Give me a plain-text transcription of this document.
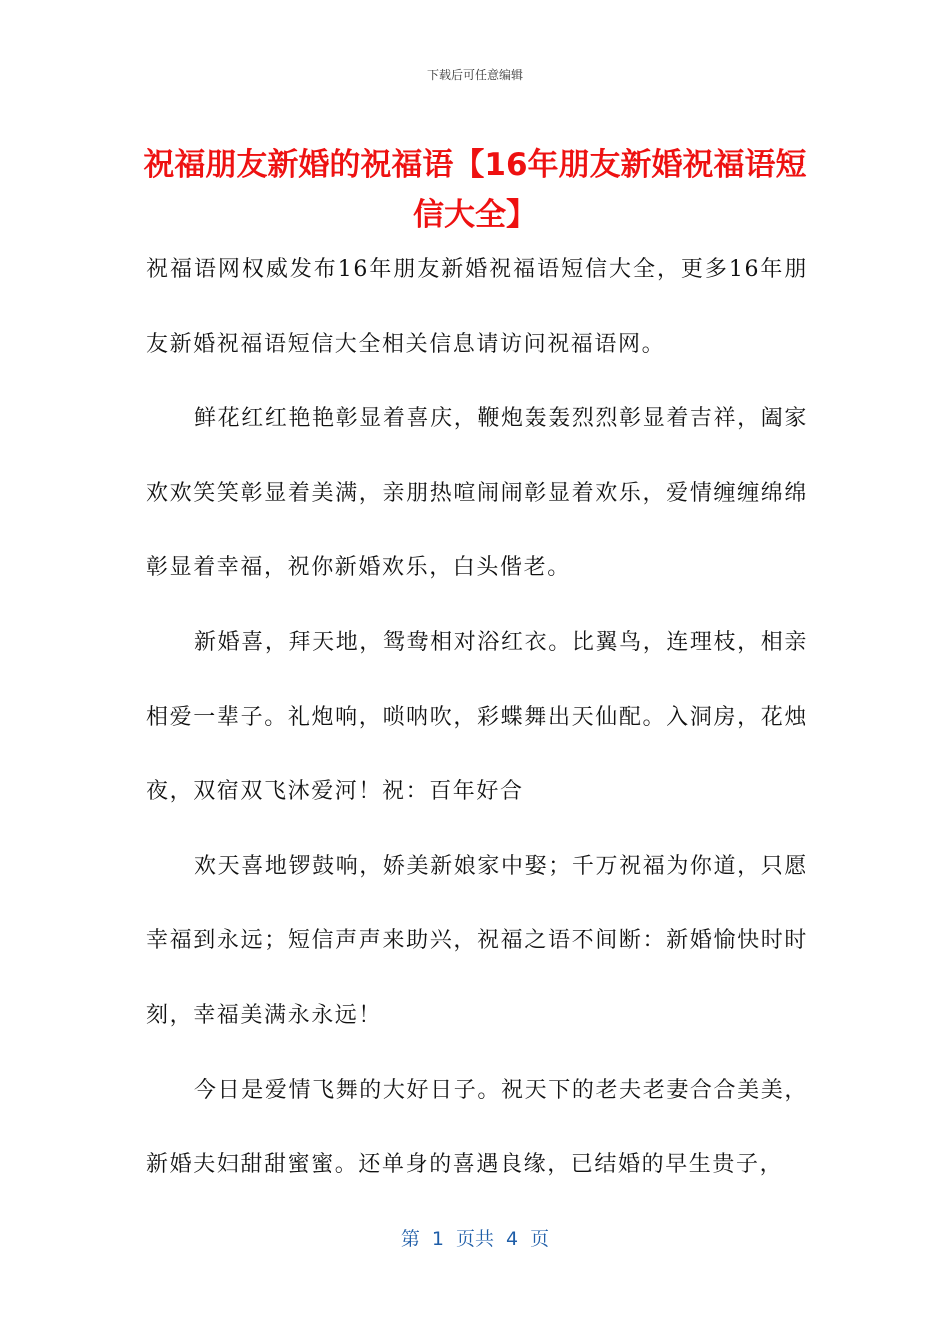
下载后可任意编辑
祝福朋友新婚的祝福语【16年朋友新婚祝福语短信大全】

祝福语网权威发布16年朋友新婚祝福语短信大全，更多16年朋友新婚祝福语短信大全相关信息请访问祝福语网。

鲜花红红艳艳彰显着喜庆，鞭炮轰轰烈烈彰显着吉祥，阖家欢欢笑笑彰显着美满，亲朋热喧闹闹彰显着欢乐，爱情缠缠绵绵彰显着幸福，祝你新婚欢乐，白头偕老。

新婚喜，拜天地，鸳鸯相对浴红衣。比翼鸟，连理枝，相亲相爱一辈子。礼炮响，唢呐吹，彩蝶舞出天仙配。入洞房，花烛夜，双宿双飞沐爱河！祝：百年好合

欢天喜地锣鼓响，娇美新娘家中娶；千万祝福为你道，只愿幸福到永远；短信声声来助兴，祝福之语不间断：新婚愉快时时刻，幸福美满永永远！

今日是爱情飞舞的大好日子。祝天下的老夫老妻合合美美，新婚夫妇甜甜蜜蜜。还单身的喜遇良缘，已结婚的早生贵子，

第 1 页共 4 页
